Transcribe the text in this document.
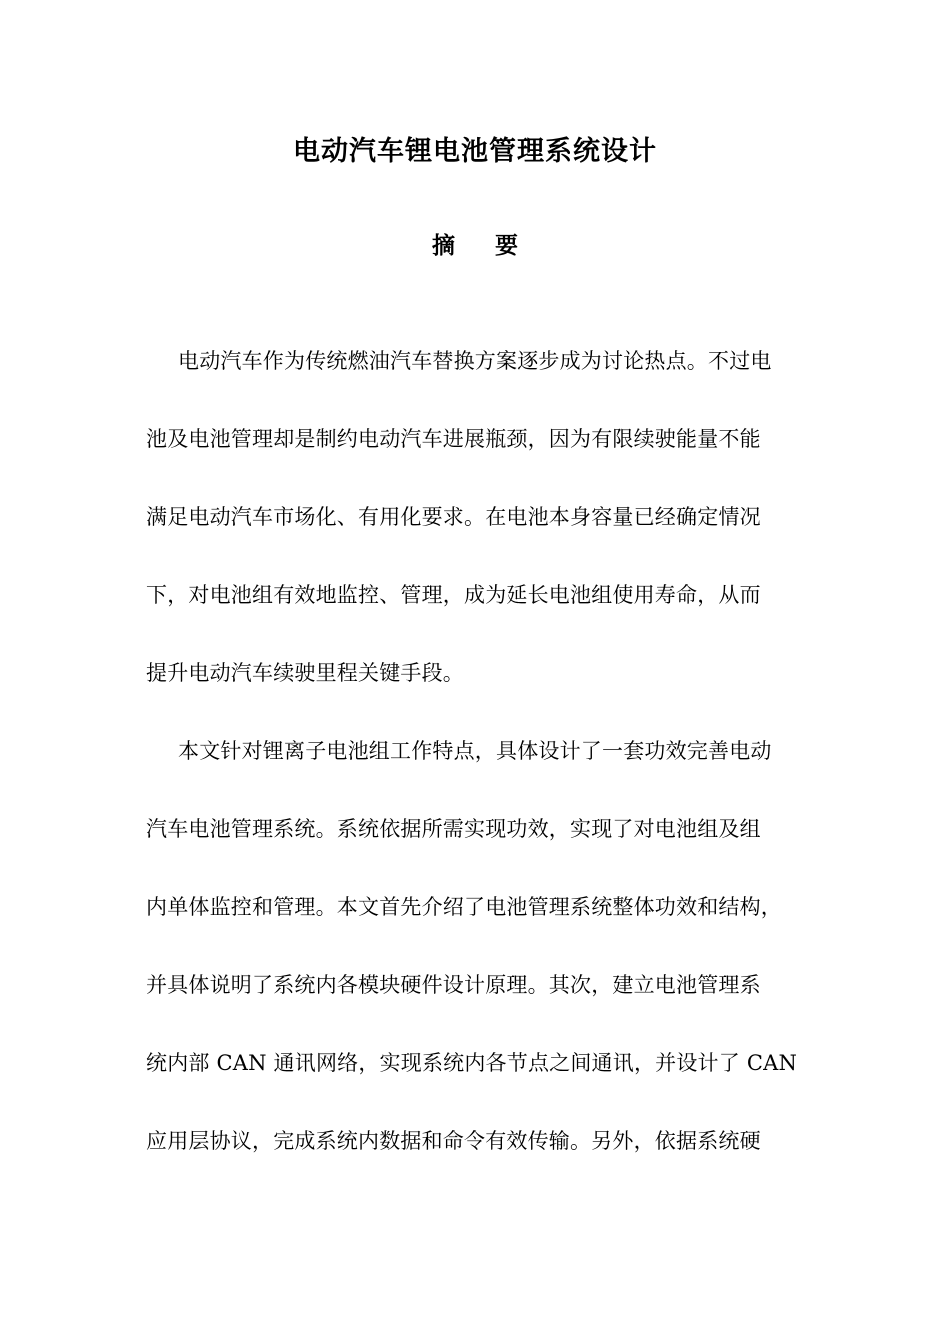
电动汽车锂电池管理系统设计
摘 要
电动汽车作为传统燃油汽车替换方案逐步成为讨论热点。不过电
池及电池管理却是制约电动汽车进展瓶颈，因为有限续驶能量不能
满足电动汽车市场化、有用化要求。在电池本身容量已经确定情况
下，对电池组有效地监控、管理，成为延长电池组使用寿命，从而
提升电动汽车续驶里程关键手段。
本文针对锂离子电池组工作特点，具体设计了一套功效完善电动
汽车电池管理系统。系统依据所需实现功效，实现了对电池组及组
内单体监控和管理。本文首先介绍了电池管理系统整体功效和结构，
并具体说明了系统内各模块硬件设计原理。其次，建立电池管理系
统内部 CAN 通讯网络，实现系统内各节点之间通讯，并设计了 CAN
应用层协议，完成系统内数据和命令有效传输。另外，依据系统硬
